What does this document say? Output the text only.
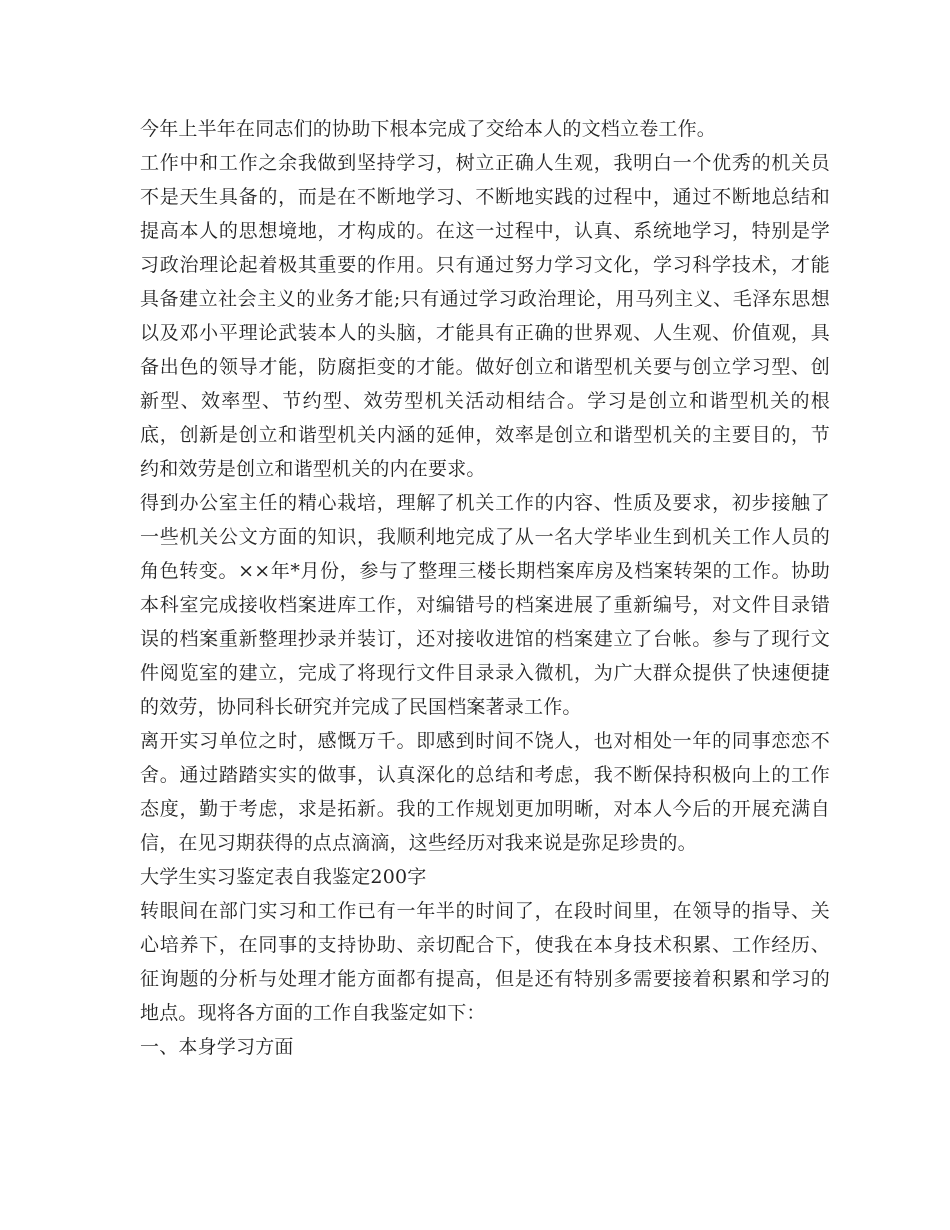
今年上半年在同志们的协助下根本完成了交给本人的文档立卷工作。

工作中和工作之余我做到坚持学习，树立正确人生观，我明白一个优秀的机关员不是天生具备的，而是在不断地学习、不断地实践的过程中，通过不断地总结和提高本人的思想境地，才构成的。在这一过程中，认真、系统地学习，特别是学习政治理论起着极其重要的作用。只有通过努力学习文化，学习科学技术，才能具备建立社会主义的业务才能;只有通过学习政治理论，用马列主义、毛泽东思想以及邓小平理论武装本人的头脑，才能具有正确的世界观、人生观、价值观，具备出色的领导才能，防腐拒变的才能。做好创立和谐型机关要与创立学习型、创新型、效率型、节约型、效劳型机关活动相结合。学习是创立和谐型机关的根底，创新是创立和谐型机关内涵的延伸，效率是创立和谐型机关的主要目的，节约和效劳是创立和谐型机关的内在要求。

得到办公室主任的精心栽培，理解了机关工作的内容、性质及要求，初步接触了一些机关公文方面的知识，我顺利地完成了从一名大学毕业生到机关工作人员的角色转变。××年*月份，参与了整理三楼长期档案库房及档案转架的工作。协助本科室完成接收档案进库工作，对编错号的档案进展了重新编号，对文件目录错误的档案重新整理抄录并装订，还对接收进馆的档案建立了台帐。参与了现行文件阅览室的建立，完成了将现行文件目录录入微机，为广大群众提供了快速便捷的效劳，协同科长研究并完成了民国档案著录工作。

离开实习单位之时，感慨万千。即感到时间不饶人，也对相处一年的同事恋恋不舍。通过踏踏实实的做事，认真深化的总结和考虑，我不断保持积极向上的工作态度，勤于考虑，求是拓新。我的工作规划更加明晰，对本人今后的开展充满自信，在见习期获得的点点滴滴，这些经历对我来说是弥足珍贵的。

大学生实习鉴定表自我鉴定200字

转眼间在部门实习和工作已有一年半的时间了，在段时间里，在领导的指导、关心培养下，在同事的支持协助、亲切配合下，使我在本身技术积累、工作经历、征询题的分析与处理才能方面都有提高，但是还有特别多需要接着积累和学习的地点。现将各方面的工作自我鉴定如下：

一、本身学习方面
